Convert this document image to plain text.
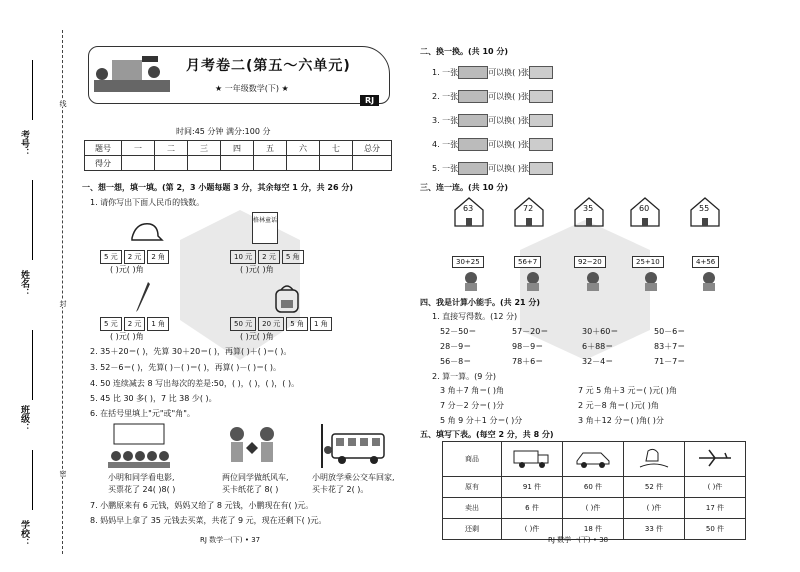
考号：
姓名：
班级：
学校：
线
封
密
月考卷二(第五～六单元)
★ 一年级数学(下) ★
RJ
时间:45 分钟 满分:100 分
题号	一	二	三	四	五	六	七	总分
得分								
一、想一想，填一填。(第 2，3 小题每题 3 分，其余每空 1 分，共 26 分)
1. 请你写出下面人民币的钱数。
格林童话
5 元 2 元 2 角	10 元 2 元 5 角
( )元( )角	( )元( )角
5 元 2 元 1 角	50 元 20 元 5 角 1 角
( )元( )角	( )元( )角
2. 35＋20＝( )，先算 30＋20＝( )，再算( )＋( )＝( )。
3. 52－6＝( )，先算( )－( )＝( )，再算( )－( )＝( )。
4. 50 连续减去 8 写出每次的差是:50，( )，( )，( )，( )。
5. 45 比 30 多( )，7 比 38 少( )。
6. 在括号里填上"元"或"角"。
小明和同学看电影,
买票花了 24( )8( )
两位同学做纸风车,
买卡纸花了 8( )
小明放学乘公交车回家,
买卡花了 2( )。
7. 小鹏原来有 6 元钱，妈妈又给了 8 元钱，小鹏现在有( )元。
8. 妈妈早上拿了 35 元钱去买菜，共花了 9 元，现在还剩下( )元。
RJ 数学一(下) • 37
二、换一换。(共 10 分)
1. 一张	可以换( )张
2. 一张	可以换( )张
3. 一张	可以换( )张
4. 一张	可以换( )张
5. 一张	可以换( )张
三、连一连。(共 10 分)
63	72	35	60	55
30+25	56+7	92−20	25+10	4+56
四、我是计算小能手。(共 21 分)
1. 直接写得数。(12 分)
52－50＝	57－20＝	30＋60＝	50－6＝
28－9＝	98－9＝	6＋88＝	83＋7＝
56－8＝	78＋6＝	32－4＝	71－7＝
2. 算一算。(9 分)
3 角＋7 角＝( )角	7 元 5 角＋3 元＝( )元( )角
7 分－2 分＝( )分	2 元－8 角＝( )元( )角
5 角 9 分＋1 分＝( )分	3 角＋12 分＝( )角( )分
五、填写下表。(每空 2 分，共 8 分)
商品				
原有	91 件	60 件	52 件	( )件
卖出	6 件	( )件	( )件	17 件
还剩	( )件	18 件	33 件	50 件
RJ 数学一(下) • 38
